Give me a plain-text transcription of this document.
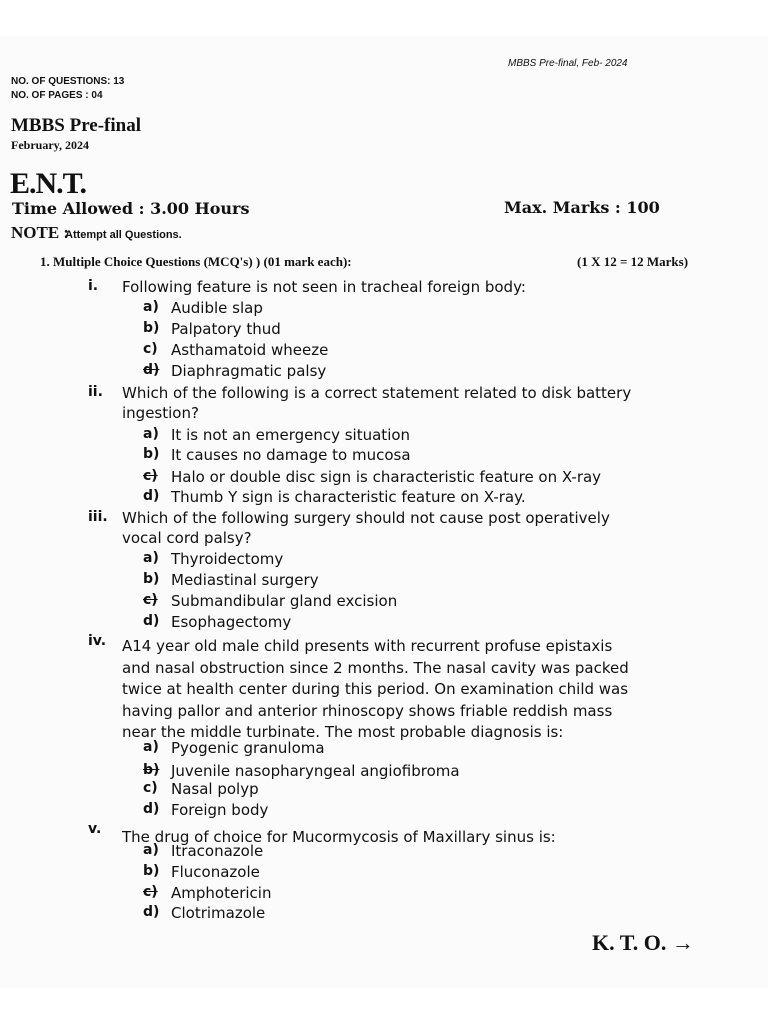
MBBS Pre-final, Feb- 2024
NO. OF QUESTIONS: 13
NO. OF PAGES : 04
MBBS Pre-final
February, 2024
E.N.T.
Time Allowed : 3.00 Hours	Max. Marks : 100
NOTE :
Attempt all Questions.
1. Multiple Choice Questions (MCQ's) ) (01 mark each):	(1 X 12 = 12 Marks)
i. Following feature is not seen in tracheal foreign body:
a) Audible slap
b) Palpatory thud
c) Asthamatoid wheeze
d) Diaphragmatic palsy
ii. Which of the following is a correct statement related to disk battery
ingestion?
a) It is not an emergency situation
b) It causes no damage to mucosa
c) Halo or double disc sign is characteristic feature on X-ray
d) Thumb Y sign is characteristic feature on X-ray.
iii. Which of the following surgery should not cause post operatively
vocal cord palsy?
a) Thyroidectomy
b) Mediastinal surgery
c) Submandibular gland excision
d) Esophagectomy
iv. A14 year old male child presents with recurrent profuse epistaxis
and nasal obstruction since 2 months. The nasal cavity was packed
twice at health center during this period. On examination child was
having pallor and anterior rhinoscopy shows friable reddish mass
near the middle turbinate. The most probable diagnosis is:
a) Pyogenic granuloma
b) Juvenile nasopharyngeal angiofibroma
c) Nasal polyp
d) Foreign body
v. The drug of choice for Mucormycosis of Maxillary sinus is:
a) Itraconazole
b) Fluconazole
c) Amphotericin
d) Clotrimazole
K. T. O. →
